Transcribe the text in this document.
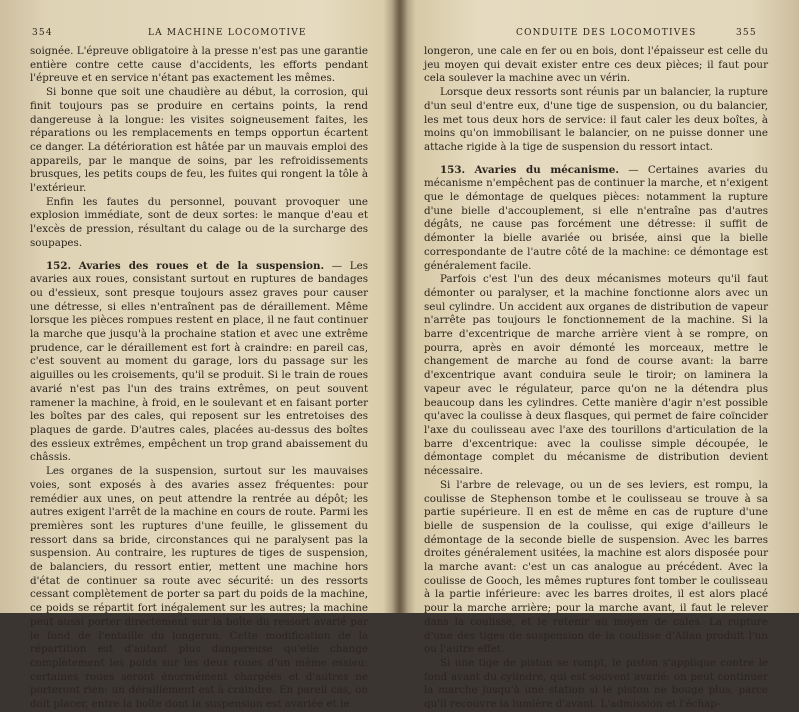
354	LA MACHINE LOCOMOTIVE

soignée. L'épreuve obligatoire à la presse n'est pas une garantie entière contre cette cause d'accidents, les efforts pendant l'épreuve et en service n'étant pas exactement les mêmes.

Si bonne que soit une chaudière au début, la corrosion, qui finit toujours pas se produire en certains points, la rend dangereuse à la longue: les visites soigneusement faites, les réparations ou les remplacements en temps opportun écartent ce danger. La détérioration est hâtée par un mauvais emploi des appareils, par le manque de soins, par les refroidissements brusques, les petits coups de feu, les fuites qui rongent la tôle à l'extérieur.

Enfin les fautes du personnel, pouvant provoquer une explosion immédiate, sont de deux sortes: le manque d'eau et l'excès de pression, résultant du calage ou de la surcharge des soupapes.

152. Avaries des roues et de la suspension. — Les avaries aux roues, consistant surtout en ruptures de bandages ou d'essieux, sont presque toujours assez graves pour causer une détresse, si elles n'entraînent pas de déraillement. Même lorsque les pièces rompues restent en place, il ne faut continuer la marche que jusqu'à la prochaine station et avec une extrême prudence, car le déraillement est fort à craindre: en pareil cas, c'est souvent au moment du garage, lors du passage sur les aiguilles ou les croisements, qu'il se produit. Si le train de roues avarié n'est pas l'un des trains extrêmes, on peut souvent ramener la machine, à froid, en le soulevant et en faisant porter les boîtes par des cales, qui reposent sur les entretoises des plaques de garde. D'autres cales, placées au-dessus des boîtes des essieux extrêmes, empêchent un trop grand abaissement du châssis.

Les organes de la suspension, surtout sur les mauvaises voies, sont exposés à des avaries assez fréquentes: pour remédier aux unes, on peut attendre la rentrée au dépôt; les autres exigent l'arrêt de la machine en cours de route. Parmi les premières sont les ruptures d'une feuille, le glissement du ressort dans sa bride, circonstances qui ne paralysent pas la suspension. Au contraire, les ruptures de tiges de suspension, de balanciers, du ressort entier, mettent une machine hors d'état de continuer sa route avec sécurité: un des ressorts cessant complètement de porter sa part du poids de la machine, ce poids se répartit fort inégalement sur les autres; la machine peut aussi porter directement sur la boîte du ressort avarié par le fond de l'entaille du longeron. Cette modification de la répartition est d'autant plus dangereuse qu'elle change complètement les poids sur les deux roues d'un même essieu: certaines roues seront énormément chargées et d'autres ne porteront rien: un déraillement est à craindre. En pareil cas, on doit placer, entre la boîte dont la suspension est avariée et le

CONDUITE DES LOCOMOTIVES	355

longeron, une cale en fer ou en bois, dont l'épaisseur est celle du jeu moyen qui devait exister entre ces deux pièces; il faut pour cela soulever la machine avec un vérin.

Lorsque deux ressorts sont réunis par un balancier, la rupture d'un seul d'entre eux, d'une tige de suspension, ou du balancier, les met tous deux hors de service: il faut caler les deux boîtes, à moins qu'on immobilisant le balancier, on ne puisse donner une attache rigide à la tige de suspension du ressort intact.

153. Avaries du mécanisme. — Certaines avaries du mécanisme n'empêchent pas de continuer la marche, et n'exigent que le démontage de quelques pièces: notamment la rupture d'une bielle d'accouplement, si elle n'entraîne pas d'autres dégâts, ne cause pas forcément une détresse: il suffit de démonter la bielle avariée ou brisée, ainsi que la bielle correspondante de l'autre côté de la machine: ce démontage est généralement facile.

Parfois c'est l'un des deux mécanismes moteurs qu'il faut démonter ou paralyser, et la machine fonctionne alors avec un seul cylindre. Un accident aux organes de distribution de vapeur n'arrête pas toujours le fonctionnement de la machine. Si la barre d'excentrique de marche arrière vient à se rompre, on pourra, après en avoir démonté les morceaux, mettre le changement de marche au fond de course avant: la barre d'excentrique avant conduira seule le tiroir; on laminera la vapeur avec le régulateur, parce qu'on ne la détendra plus beaucoup dans les cylindres. Cette manière d'agir n'est possible qu'avec la coulisse à deux flasques, qui permet de faire coïncider l'axe du coulisseau avec l'axe des tourillons d'articulation de la barre d'excentrique: avec la coulisse simple découpée, le démontage complet du mécanisme de distribution devient nécessaire.

Si l'arbre de relevage, ou un de ses leviers, est rompu, la coulisse de Stephenson tombe et le coulisseau se trouve à sa partie supérieure. Il en est de même en cas de rupture d'une bielle de suspension de la coulisse, qui exige d'ailleurs le démontage de la seconde bielle de suspension. Avec les barres droites généralement usitées, la machine est alors disposée pour la marche avant: c'est un cas analogue au précédent. Avec la coulisse de Gooch, les mêmes ruptures font tomber le coulisseau à la partie inférieure: avec les barres droites, il est alors placé pour la marche arrière; pour la marche avant, il faut le relever dans la coulisse, et le retenir au moyen de cales. La rupture d'une des tiges de suspension de la coulisse d'Allan produit l'un ou l'autre effet.

Si une tige de piston se rompt, le piston s'applique contre le fond avant du cylindre, qui est souvent avarié: on peut continuer la marche jusqu'à une station si le piston ne bouge plus, parce qu'il recouvre la lumière d'avant. L'admission et l'échap-
